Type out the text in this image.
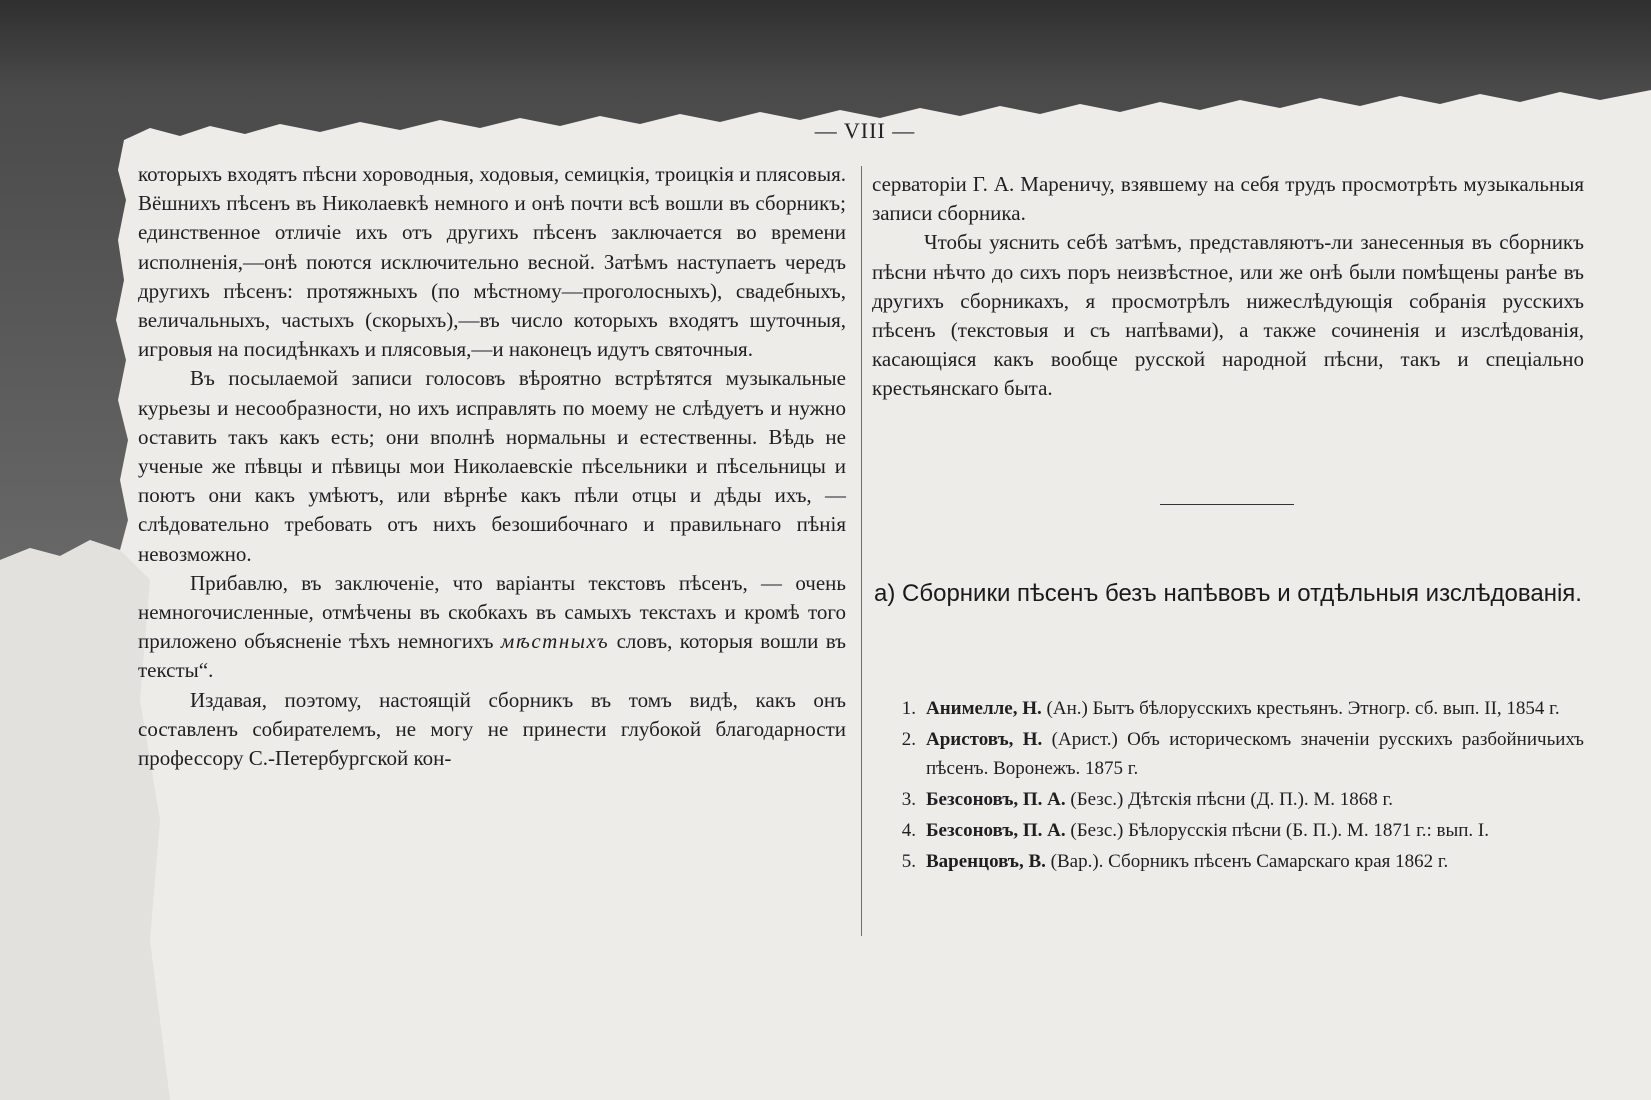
— VIII —

которыхъ входятъ пѣсни хороводныя, ходовыя, семицкія, троицкія и плясовыя. Вёшнихъ пѣсенъ въ Николаевкѣ немного и онѣ почти всѣ вошли въ сборникъ; единственное отличіе ихъ отъ другихъ пѣсенъ заключается во времени исполненія,—онѣ поются исключительно весной. Затѣмъ наступаетъ чередъ другихъ пѣсенъ: протяжныхъ (по мѣстному—проголосныхъ), свадебныхъ, величальныхъ, частыхъ (скорыхъ),—въ число которыхъ входятъ шуточныя, игровыя на посидѣнкахъ и плясовыя,—и наконецъ идутъ святочныя.

Въ посылаемой записи голосовъ вѣроятно встрѣтятся музыкальные курьезы и несообразности, но ихъ исправлять по моему не слѣдуетъ и нужно оставить такъ какъ есть; они вполнѣ нормальны и естественны. Вѣдь не ученые же пѣвцы и пѣвицы мои Николаевскіе пѣсельники и пѣсельницы и поютъ они какъ умѣютъ, или вѣрнѣе какъ пѣли отцы и дѣды ихъ, — слѣдовательно требовать отъ нихъ безошибочнаго и правильнаго пѣнія невозможно.

Прибавлю, въ заключеніе, что варіанты текстовъ пѣсенъ, — очень немногочисленные, отмѣчены въ скобкахъ въ самыхъ текстахъ и кромѣ того приложено объясненіе тѣхъ немногихъ мѣстныхъ словъ, которыя вошли въ тексты“.

Издавая, поэтому, настоящій сборникъ въ томъ видѣ, какъ онъ составленъ собирателемъ, не могу не принести глубокой благодарности профессору С.-Петербургской кон-

серваторіи Г. А. Мареничу, взявшему на себя трудъ просмотрѣть музыкальныя записи сборника.

Чтобы уяснить себѣ затѣмъ, представляютъ-ли занесенныя въ сборникъ пѣсни нѣчто до сихъ поръ неизвѣстное, или же онѣ были помѣщены ранѣе въ другихъ сборникахъ, я просмотрѣлъ нижеслѣдующія собранія русскихъ пѣсенъ (текстовыя и съ напѣвами), а также сочиненія и изслѣдованія, касающіяся какъ вообще русской народной пѣсни, такъ и спеціально крестьянскаго быта.

а) Сборники пѣсенъ безъ напѣвовъ и отдѣльныя изслѣдованія.
1. Анимелле, Н. (Ан.) Бытъ бѣлорусскихъ крестьянъ. Этногр. сб. вып. II, 1854 г.
2. Аристовъ, Н. (Арист.) Объ историческомъ значеніи русскихъ разбойничьихъ пѣсенъ. Воронежъ. 1875 г.
3. Безсоновъ, П. А. (Безс.) Дѣтскія пѣсни (Д. П.). М. 1868 г.
4. Безсоновъ, П. А. (Безс.) Бѣлорусскія пѣсни (Б. П.). М. 1871 г.: вып. I.
5. Варенцовъ, В. (Вар.). Сборникъ пѣсенъ Самарскаго края 1862 г.
